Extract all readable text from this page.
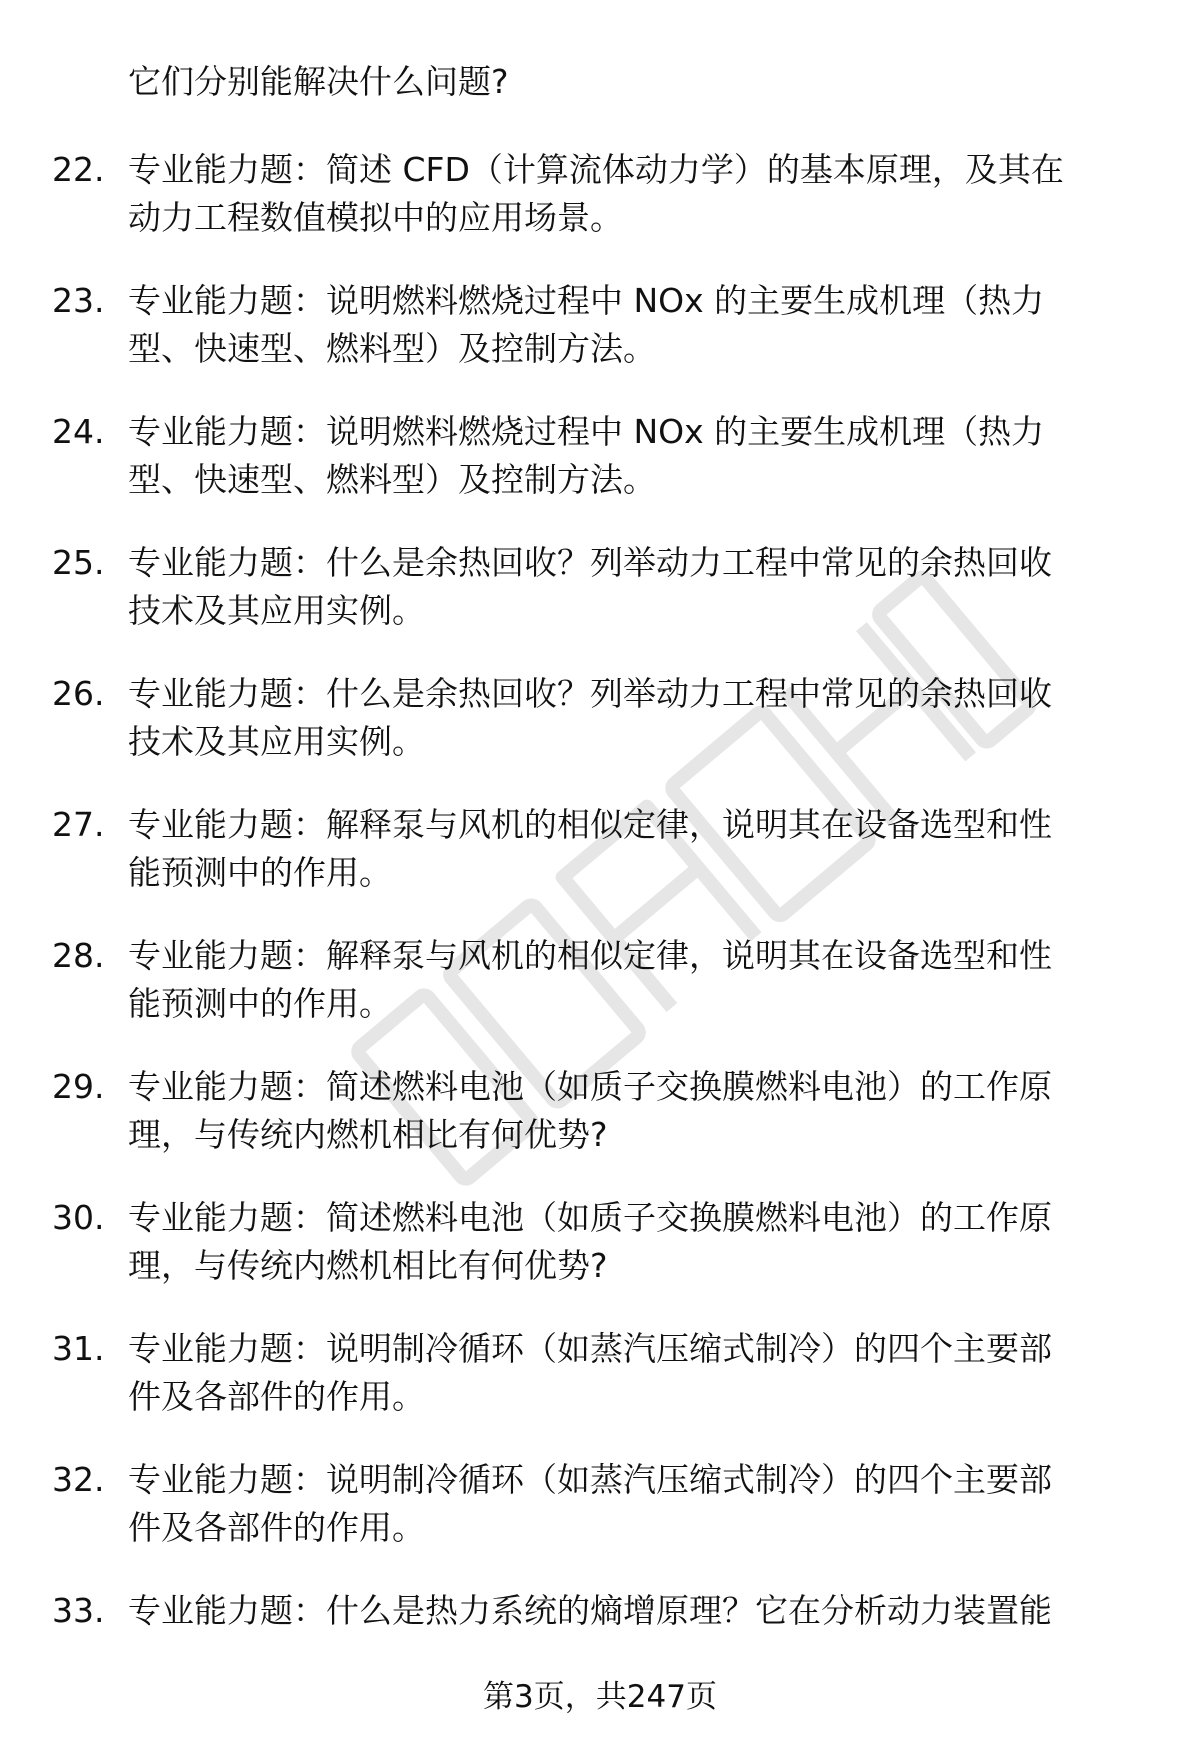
它们分别能解决什么问题?
22. 专业能力题：简述 CFD（计算流体动力学）的基本原理，及其在
动力工程数值模拟中的应用场景。
23. 专业能力题：说明燃料燃烧过程中 NOx 的主要生成机理（热力
型、快速型、燃料型）及控制方法。
24. 专业能力题：说明燃料燃烧过程中 NOx 的主要生成机理（热力
型、快速型、燃料型）及控制方法。
25. 专业能力题：什么是余热回收？列举动力工程中常见的余热回收
技术及其应用实例。
26. 专业能力题：什么是余热回收？列举动力工程中常见的余热回收
技术及其应用实例。
27. 专业能力题：解释泵与风机的相似定律，说明其在设备选型和性
能预测中的作用。
28. 专业能力题：解释泵与风机的相似定律，说明其在设备选型和性
能预测中的作用。
29. 专业能力题：简述燃料电池（如质子交换膜燃料电池）的工作原
理，与传统内燃机相比有何优势?
30. 专业能力题：简述燃料电池（如质子交换膜燃料电池）的工作原
理，与传统内燃机相比有何优势?
31. 专业能力题：说明制冷循环（如蒸汽压缩式制冷）的四个主要部
件及各部件的作用。
32. 专业能力题：说明制冷循环（如蒸汽压缩式制冷）的四个主要部
件及各部件的作用。
33. 专业能力题：什么是热力系统的熵增原理？它在分析动力装置能
第3页，共247页
